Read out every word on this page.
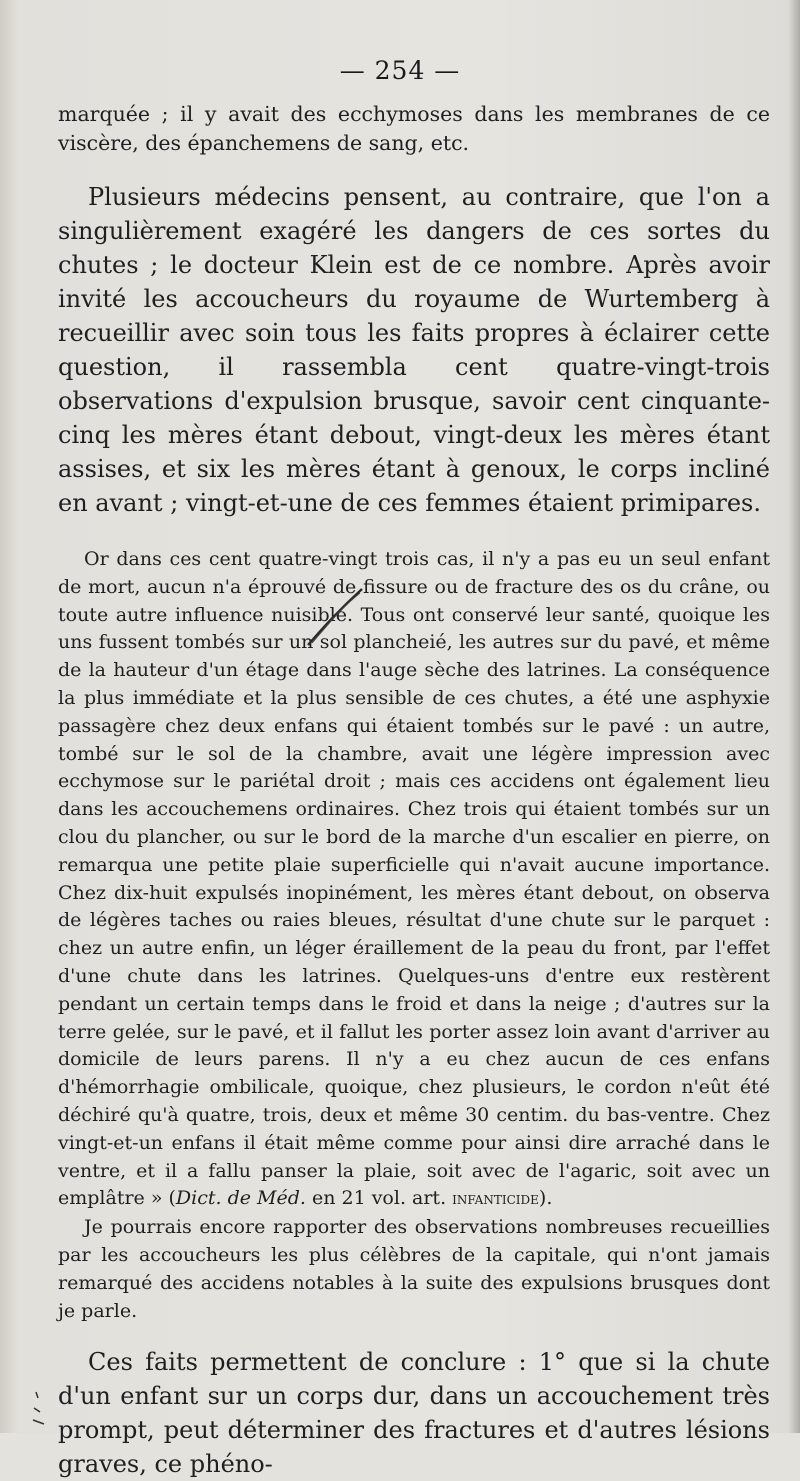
— 254 —

marquée ; il y avait des ecchymoses dans les membranes de ce viscère, des épanchemens de sang, etc.

Plusieurs médecins pensent, au contraire, que l'on a singulièrement exagéré les dangers de ces sortes du chutes ; le docteur Klein est de ce nombre. Après avoir invité les accoucheurs du royaume de Wurtemberg à recueillir avec soin tous les faits propres à éclairer cette question, il rassembla cent quatre-vingt-trois observations d'expulsion brusque, savoir cent cinquante-cinq les mères étant debout, vingt-deux les mères étant assises, et six les mères étant à genoux, le corps incliné en avant ; vingt-et-une de ces femmes étaient primipares.

Or dans ces cent quatre-vingt trois cas, il n'y a pas eu un seul enfant de mort, aucun n'a éprouvé de fissure ou de fracture des os du crâne, ou toute autre influence nuisible. Tous ont conservé leur santé, quoique les uns fussent tombés sur un sol plancheié, les autres sur du pavé, et même de la hauteur d'un étage dans l'auge sèche des latrines. La conséquence la plus immédiate et la plus sensible de ces chutes, a été une asphyxie passagère chez deux enfans qui étaient tombés sur le pavé : un autre, tombé sur le sol de la chambre, avait une légère impression avec ecchymose sur le pariétal droit ; mais ces accidens ont également lieu dans les accouchemens ordinaires. Chez trois qui étaient tombés sur un clou du plancher, ou sur le bord de la marche d'un escalier en pierre, on remarqua une petite plaie superficielle qui n'avait aucune importance. Chez dix-huit expulsés inopinément, les mères étant debout, on observa de légères taches ou raies bleues, résultat d'une chute sur le parquet : chez un autre enfin, un léger éraillement de la peau du front, par l'effet d'une chute dans les latrines. Quelques-uns d'entre eux restèrent pendant un certain temps dans le froid et dans la neige ; d'autres sur la terre gelée, sur le pavé, et il fallut les porter assez loin avant d'arriver au domicile de leurs parens. Il n'y a eu chez aucun de ces enfans d'hémorrhagie ombilicale, quoique, chez plusieurs, le cordon n'eût été déchiré qu'à quatre, trois, deux et même 30 centim. du bas-ventre. Chez vingt-et-un enfans il était même comme pour ainsi dire arraché dans le ventre, et il a fallu panser la plaie, soit avec de l'agaric, soit avec un emplâtre » (Dict. de Méd. en 21 vol. art. infanticide).

Je pourrais encore rapporter des observations nombreuses recueillies par les accoucheurs les plus célèbres de la capitale, qui n'ont jamais remarqué des accidens notables à la suite des expulsions brusques dont je parle.

Ces faits permettent de conclure : 1° que si la chute d'un enfant sur un corps dur, dans un accouchement très prompt, peut déterminer des fractures et d'autres lésions graves, ce phéno-
